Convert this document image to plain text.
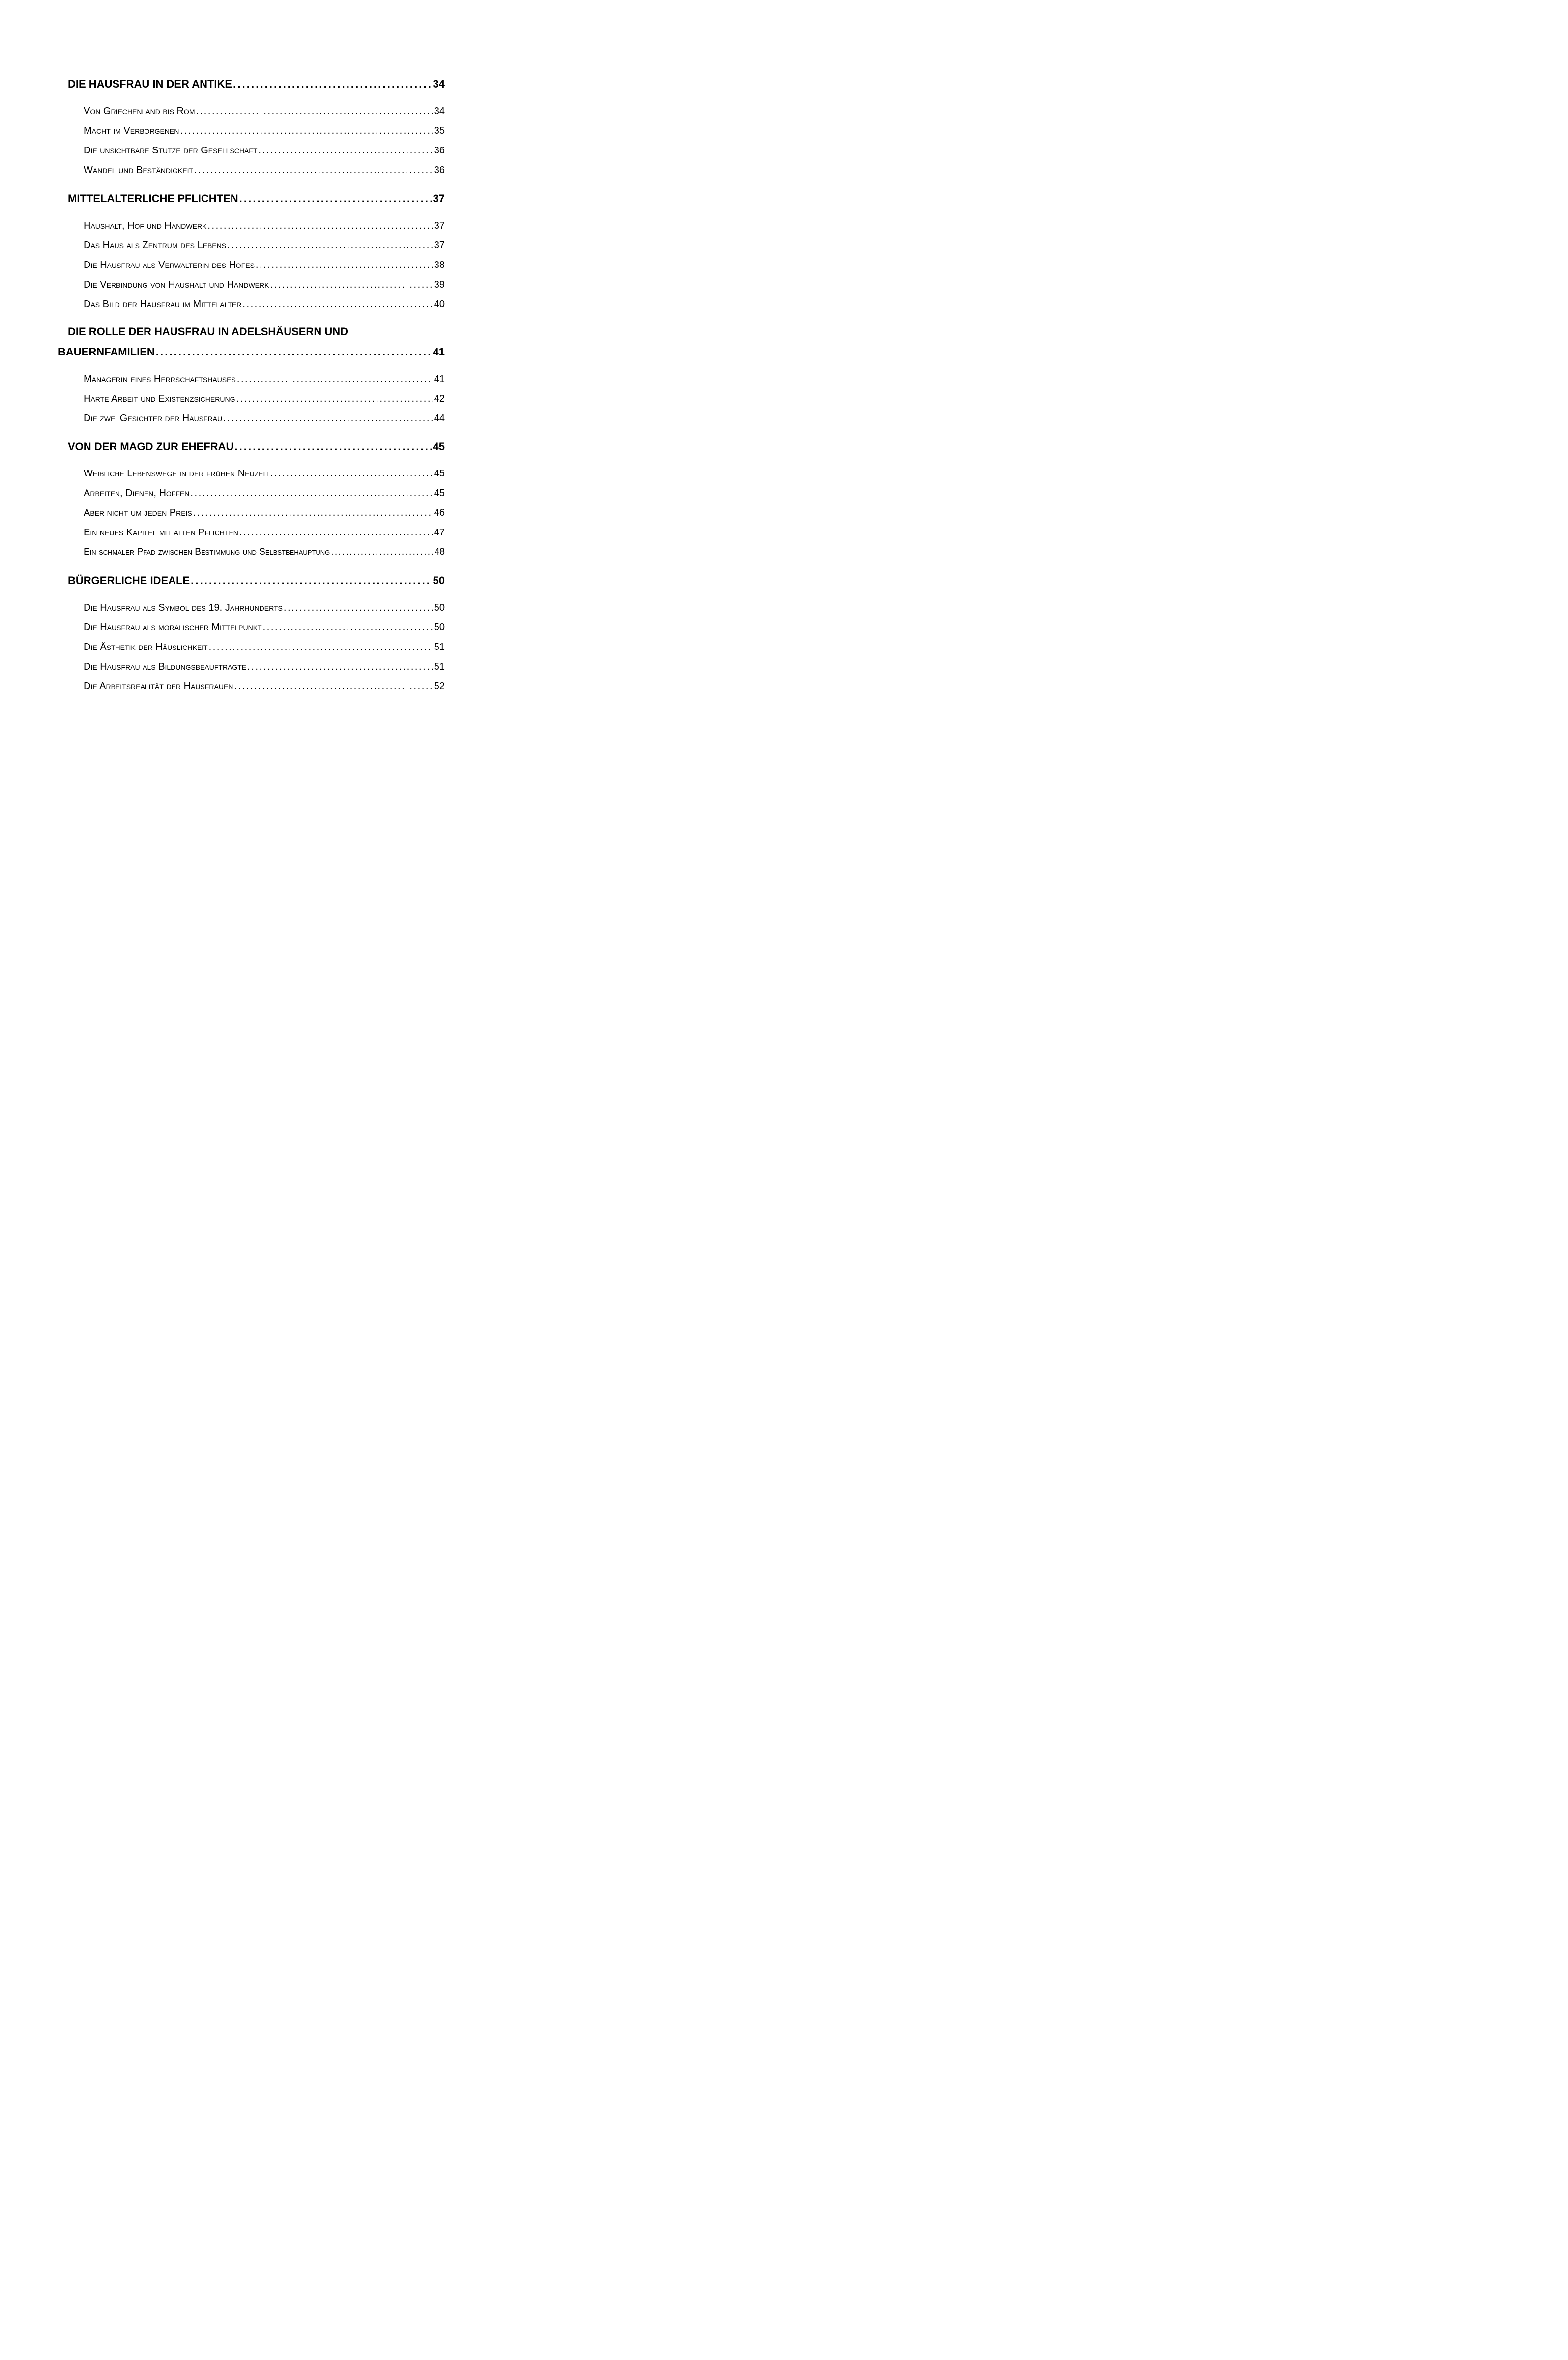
DIE HAUSFRAU IN DER ANTIKE . . .	34
Von Griechenland bis Rom . . .	34
Macht im Verborgenen . . .	35
Die unsichtbare Stütze der Gesellschaft . . .	36
Wandel und Beständigkeit . . .	36
MITTELALTERLICHE PFLICHTEN . . .	37
Haushalt, Hof und Handwerk . . .	37
Das Haus als Zentrum des Lebens . . .	37
Die Hausfrau als Verwalterin des Hofes . . .	38
Die Verbindung von Haushalt und Handwerk . . .	39
Das Bild der Hausfrau im Mittelalter . . .	40
DIE ROLLE DER HAUSFRAU IN ADELSHÄUSERN UND
BAUERNFAMILIEN . . .	41
Managerin eines Herrschaftshauses . . .	41
Harte Arbeit und Existenzsicherung . . .	42
Die zwei Gesichter der Hausfrau . . .	44
VON DER MAGD ZUR EHEFRAU . . .	45
Weibliche Lebenswege in der frühen Neuzeit . . .	45
Arbeiten, Dienen, Hoffen . . .	45
Aber nicht um jeden Preis . . .	46
Ein neues Kapitel mit alten Pflichten . . .	47
Ein schmaler Pfad zwischen Bestimmung und Selbstbehauptung . . .	48
BÜRGERLICHE IDEALE . . .	50
Die Hausfrau als Symbol des 19. Jahrhunderts . . .	50
Die Hausfrau als moralischer Mittelpunkt . . .	50
Die Ästhetik der Häuslichkeit . . .	51
Die Hausfrau als Bildungsbeauftragte . . .	51
Die Arbeitsrealität der Hausfrauen . . .	52
